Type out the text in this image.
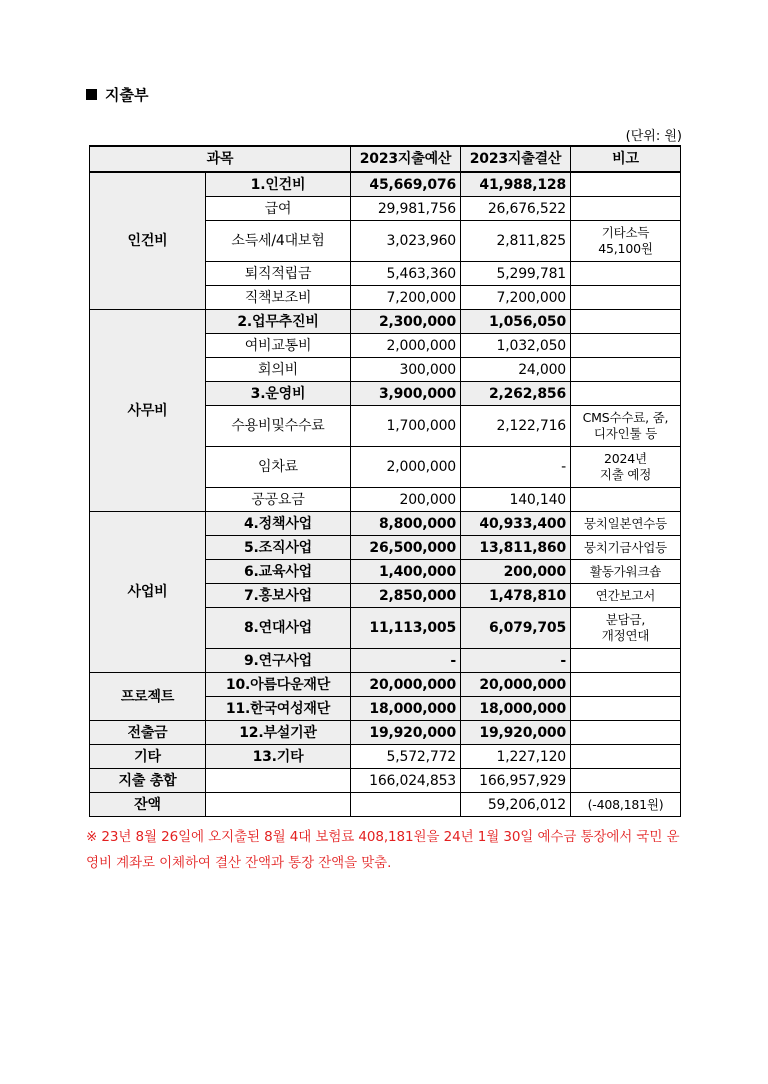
지출부
(단위: 원)
과목		2023지출예산	2023지출결산	비고
인건비	1.인건비	45,669,076	41,988,128	
	급여	29,981,756	26,676,522	
	소득세/4대보험	3,023,960	2,811,825	기타소득
45,100원
	퇴직적립금	5,463,360	5,299,781	
	직책보조비	7,200,000	7,200,000	
사무비	2.업무추진비	2,300,000	1,056,050	
	여비교통비	2,000,000	1,032,050	
	회의비	300,000	24,000	
	3.운영비	3,900,000	2,262,856	
	수용비및수수료	1,700,000	2,122,716	CMS수수료, 줌,
디자인툴 등
	임차료	2,000,000	-	2024년
지출 예정
	공공요금	200,000	140,140	
사업비	4.정책사업	8,800,000	40,933,400	뭉치일본연수등
	5.조직사업	26,500,000	13,811,860	뭉치기금사업등
	6.교육사업	1,400,000	200,000	활동가워크숍
	7.홍보사업	2,850,000	1,478,810	연간보고서
	8.연대사업	11,113,005	6,079,705	분담금,
개정연대
	9.연구사업	-	-	
프로젝트	10.아름다운재단	20,000,000	20,000,000	
	11.한국여성재단	18,000,000	18,000,000	
전출금	12.부설기관	19,920,000	19,920,000	
기타	13.기타	5,572,772	1,227,120	
지출 총합		166,024,853	166,957,929	
잔액			59,206,012	(-408,181원)
※ 23년 8월 26일에 오지출된 8월 4대 보험료 408,181원을 24년 1월 30일 예수금 통장에서 국민 운영비 계좌로 이체하여 결산 잔액과 통장 잔액을 맞춤.
